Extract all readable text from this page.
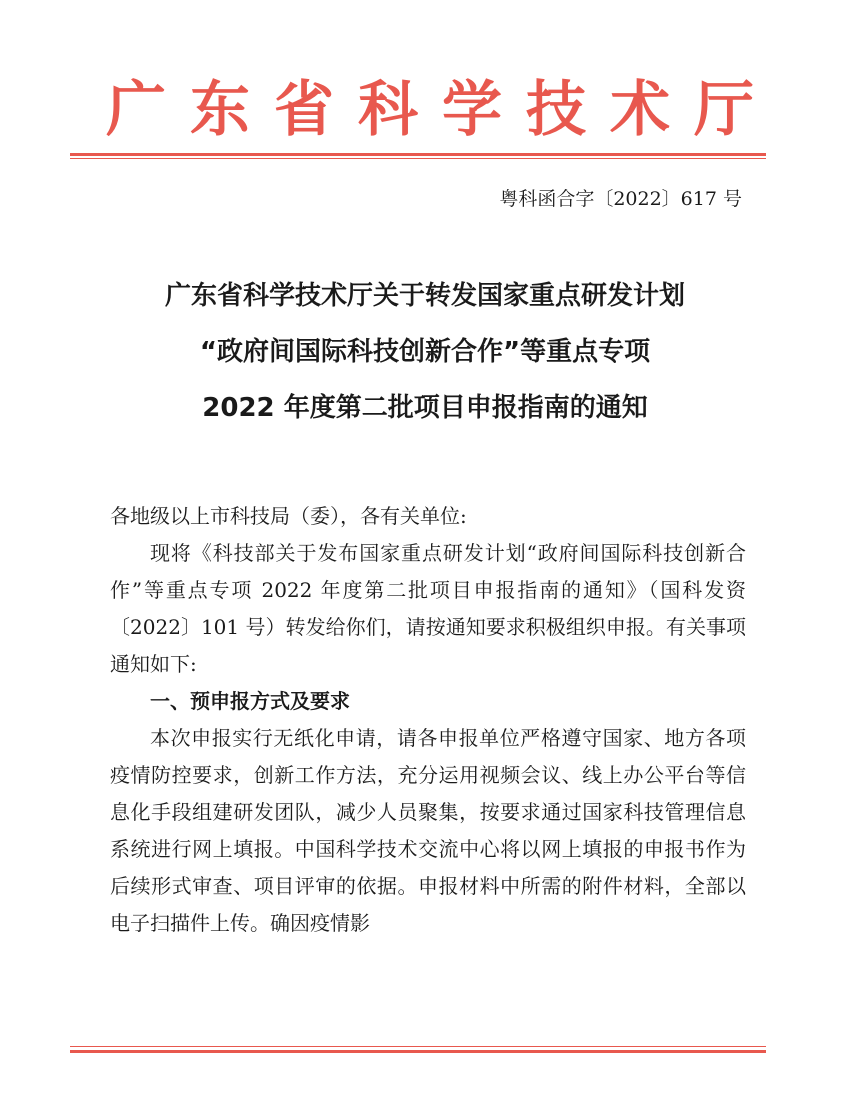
广东省科学技术厅
粤科函合字〔2022〕617 号
广东省科学技术厅关于转发国家重点研发计划
“政府间国际科技创新合作”等重点专项
2022 年度第二批项目申报指南的通知

各地级以上市科技局（委），各有关单位:

现将《科技部关于发布国家重点研发计划“政府间国际科技创新合作”等重点专项 2022 年度第二批项目申报指南的通知》（国科发资〔2022〕101 号）转发给你们，请按通知要求积极组织申报。有关事项通知如下:

一、预申报方式及要求

本次申报实行无纸化申请，请各申报单位严格遵守国家、地方各项疫情防控要求，创新工作方法，充分运用视频会议、线上办公平台等信息化手段组建研发团队，减少人员聚集，按要求通过国家科技管理信息系统进行网上填报。中国科学技术交流中心将以网上填报的申报书作为后续形式审查、项目评审的依据。申报材料中所需的附件材料，全部以电子扫描件上传。确因疫情影
